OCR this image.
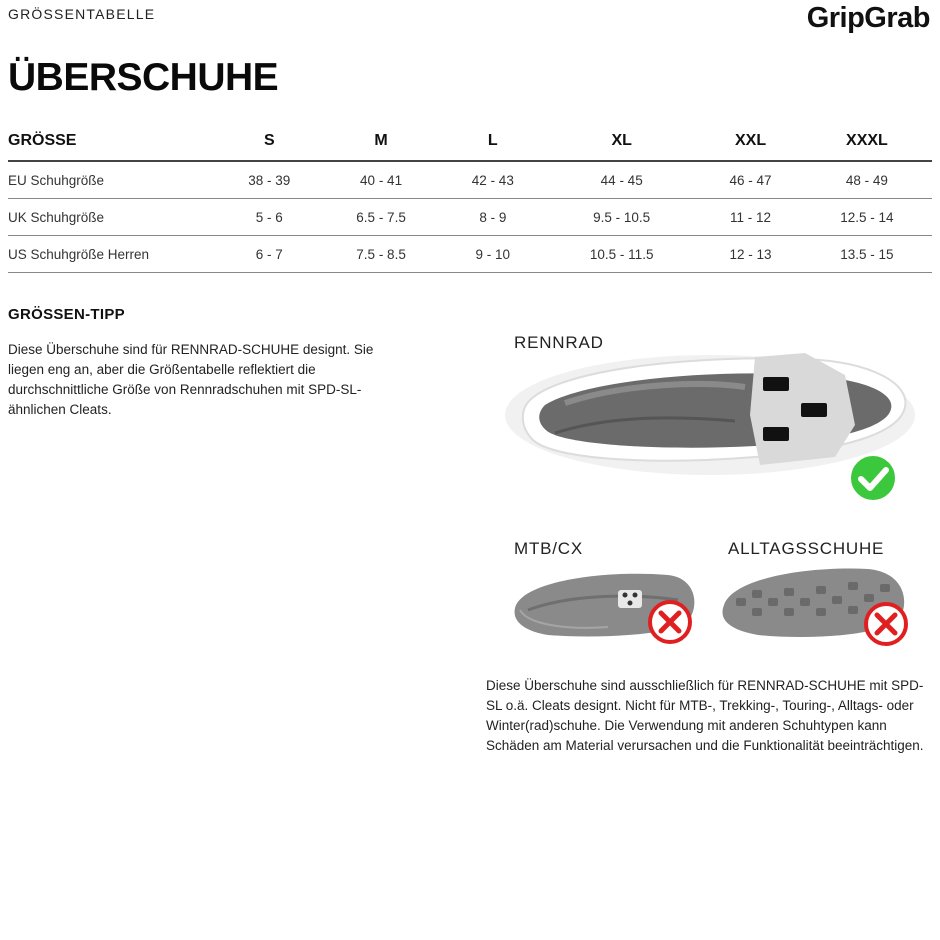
GRÖSSENTABELLE	GripGrab
ÜBERSCHUHE
GRÖSSE	S	M	L	XL	XXL	XXXL
EU Schuhgröße	38 - 39	40 - 41	42 - 43	44 - 45	46 - 47	48 - 49
UK Schuhgröße	5 - 6	6.5 - 7.5	8 - 9	9.5 - 10.5	11 - 12	12.5 - 14
US Schuhgröße Herren	6 - 7	7.5 - 8.5	9 - 10	10.5 - 11.5	12 - 13	13.5 - 15
GRÖSSEN-TIPP

Diese Überschuhe sind für RENNRAD-SCHUHE designt. Sie liegen eng an, aber die Größentabelle reflektiert die durchschnittliche Größe von Rennradschuhen mit SPD-SL-ähnlichen Cleats.

RENNRAD
MTB/CX	ALLTAGSSCHUHE

Diese Überschuhe sind ausschließlich für RENNRAD-SCHUHE mit SPD-SL o.ä. Cleats designt. Nicht für MTB-, Trekking-, Touring-, Alltags- oder Winter(rad)schuhe. Die Verwendung mit anderen Schuhtypen kann Schäden am Material verursachen und die Funktionalität beeinträchtigen.
